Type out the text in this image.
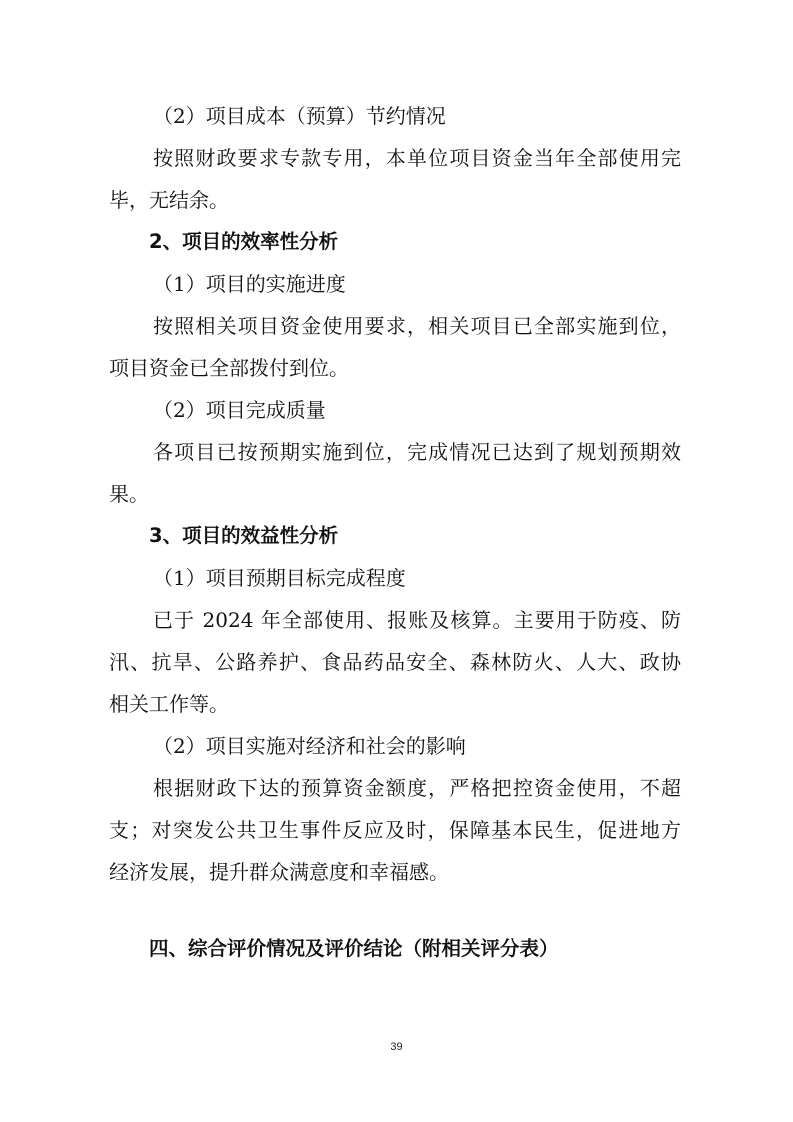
（2）项目成本（预算）节约情况
按照财政要求专款专用，本单位项目资金当年全部使用完
毕，无结余。
2、项目的效率性分析
（1）项目的实施进度
按照相关项目资金使用要求，相关项目已全部实施到位，
项目资金已全部拨付到位。
（2）项目完成质量
各项目已按预期实施到位，完成情况已达到了规划预期效
果。
3、项目的效益性分析
（1）项目预期目标完成程度
已于 2024 年全部使用、报账及核算。主要用于防疫、防
汛、抗旱、公路养护、食品药品安全、森林防火、人大、政协
相关工作等。
（2）项目实施对经济和社会的影响
根据财政下达的预算资金额度，严格把控资金使用，不超
支；对突发公共卫生事件反应及时，保障基本民生，促进地方
经济发展，提升群众满意度和幸福感。
四、综合评价情况及评价结论（附相关评分表）
39
